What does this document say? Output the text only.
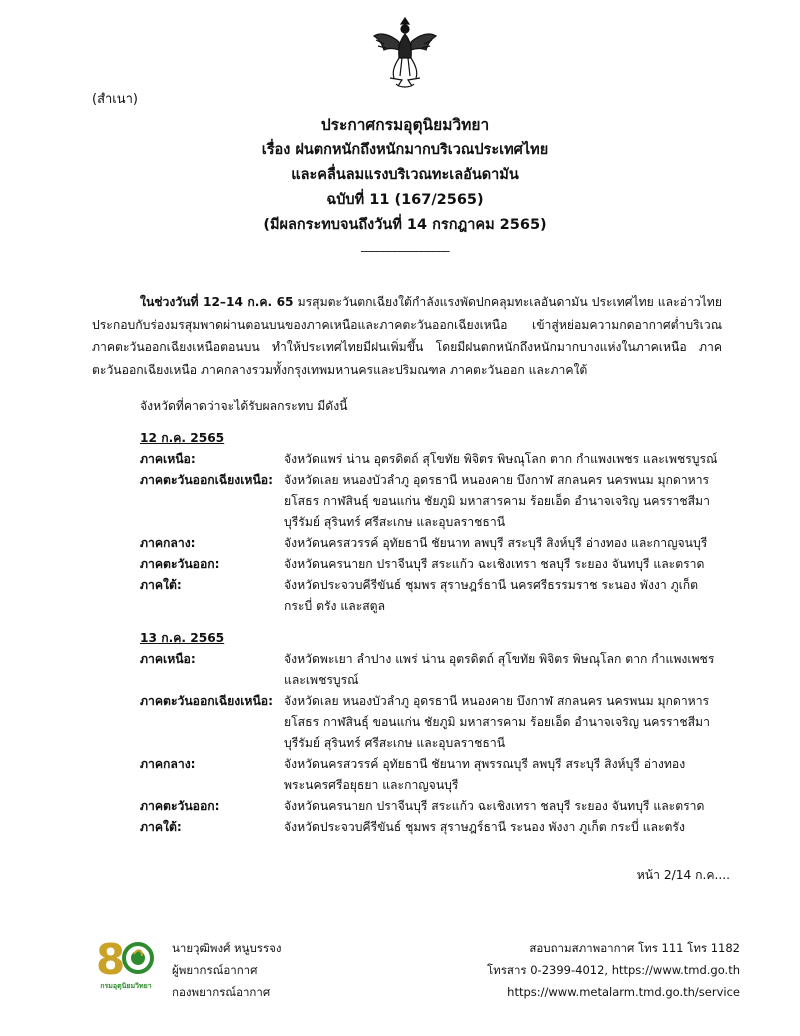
(สำเนา)
ประกาศกรมอุตุนิยมวิทยา
เรื่อง ฝนตกหนักถึงหนักมากบริเวณประเทศไทย
และคลื่นลมแรงบริเวณทะเลอันดามัน
ฉบับที่ 11 (167/2565)
(มีผลกระทบจนถึงวันที่ 14 กรกฎาคม 2565)
________________
ในช่วงวันที่ 12–14 ก.ค. 65 มรสุมตะวันตกเฉียงใต้กำลังแรงพัดปกคลุมทะเลอันดามัน ประเทศไทย และอ่าวไทย ประกอบกับร่องมรสุมพาดผ่านตอนบนของภาคเหนือและภาคตะวันออกเฉียงเหนือ เข้าสู่หย่อมความกดอากาศต่ำบริเวณภาคตะวันออกเฉียงเหนือตอนบน ทำให้ประเทศไทยมีฝนเพิ่มขึ้น โดยมีฝนตกหนักถึงหนักมากบางแห่งในภาคเหนือ ภาคตะวันออกเฉียงเหนือ ภาคกลางรวมทั้งกรุงเทพมหานครและปริมณฑล ภาคตะวันออก และภาคใต้
จังหวัดที่คาดว่าจะได้รับผลกระทบ มีดังนี้
12 ก.ค. 2565
ภาคเหนือ:	จังหวัดแพร่ น่าน อุตรดิตถ์ สุโขทัย พิจิตร พิษณุโลก ตาก กำแพงเพชร และเพชรบูรณ์
ภาคตะวันออกเฉียงเหนือ: จังหวัดเลย หนองบัวลำภู อุดรธานี หนองคาย บึงกาฬ สกลนคร นครพนม มุกดาหาร ยโสธร กาฬสินธุ์ ขอนแก่น ชัยภูมิ มหาสารคาม ร้อยเอ็ด อำนาจเจริญ นครราชสีมา บุรีรัมย์ สุรินทร์ ศรีสะเกษ และอุบลราชธานี
ภาคกลาง:	จังหวัดนครสวรรค์ อุทัยธานี ชัยนาท ลพบุรี สระบุรี สิงห์บุรี อ่างทอง และกาญจนบุรี
ภาคตะวันออก:	จังหวัดนครนายก ปราจีนบุรี สระแก้ว ฉะเชิงเทรา ชลบุรี ระยอง จันทบุรี และตราด
ภาคใต้:	จังหวัดประจวบคีรีขันธ์ ชุมพร สุราษฎร์ธานี นครศรีธรรมราช ระนอง พังงา ภูเก็ต กระบี่ ตรัง และสตูล
13 ก.ค. 2565
ภาคเหนือ:	จังหวัดพะเยา ลำปาง แพร่ น่าน อุตรดิตถ์ สุโขทัย พิจิตร พิษณุโลก ตาก กำแพงเพชร และเพชรบูรณ์
ภาคตะวันออกเฉียงเหนือ: จังหวัดเลย หนองบัวลำภู อุดรธานี หนองคาย บึงกาฬ สกลนคร นครพนม มุกดาหาร ยโสธร กาฬสินธุ์ ขอนแก่น ชัยภูมิ มหาสารคาม ร้อยเอ็ด อำนาจเจริญ นครราชสีมา บุรีรัมย์ สุรินทร์ ศรีสะเกษ และอุบลราชธานี
ภาคกลาง:	จังหวัดนครสวรรค์ อุทัยธานี ชัยนาท สุพรรณบุรี ลพบุรี สระบุรี สิงห์บุรี อ่างทอง พระนครศรีอยุธยา และกาญจนบุรี
ภาคตะวันออก:	จังหวัดนครนายก ปราจีนบุรี สระแก้ว ฉะเชิงเทรา ชลบุรี ระยอง จันทบุรี และตราด
ภาคใต้:	จังหวัดประจวบคีรีขันธ์ ชุมพร สุราษฎร์ธานี ระนอง พังงา ภูเก็ต กระบี่ และตรัง
หน้า 2/14 ก.ค....
8
กรมอุตุนิยมวิทยา
นายวุฒิพงศ์ หนูบรรจง
ผู้พยากรณ์อากาศ
กองพยากรณ์อากาศ
สอบถามสภาพอากาศ โทร 111 โทร 1182
โทรสาร 0-2399-4012, https://www.tmd.go.th
https://www.metalarm.tmd.go.th/service
